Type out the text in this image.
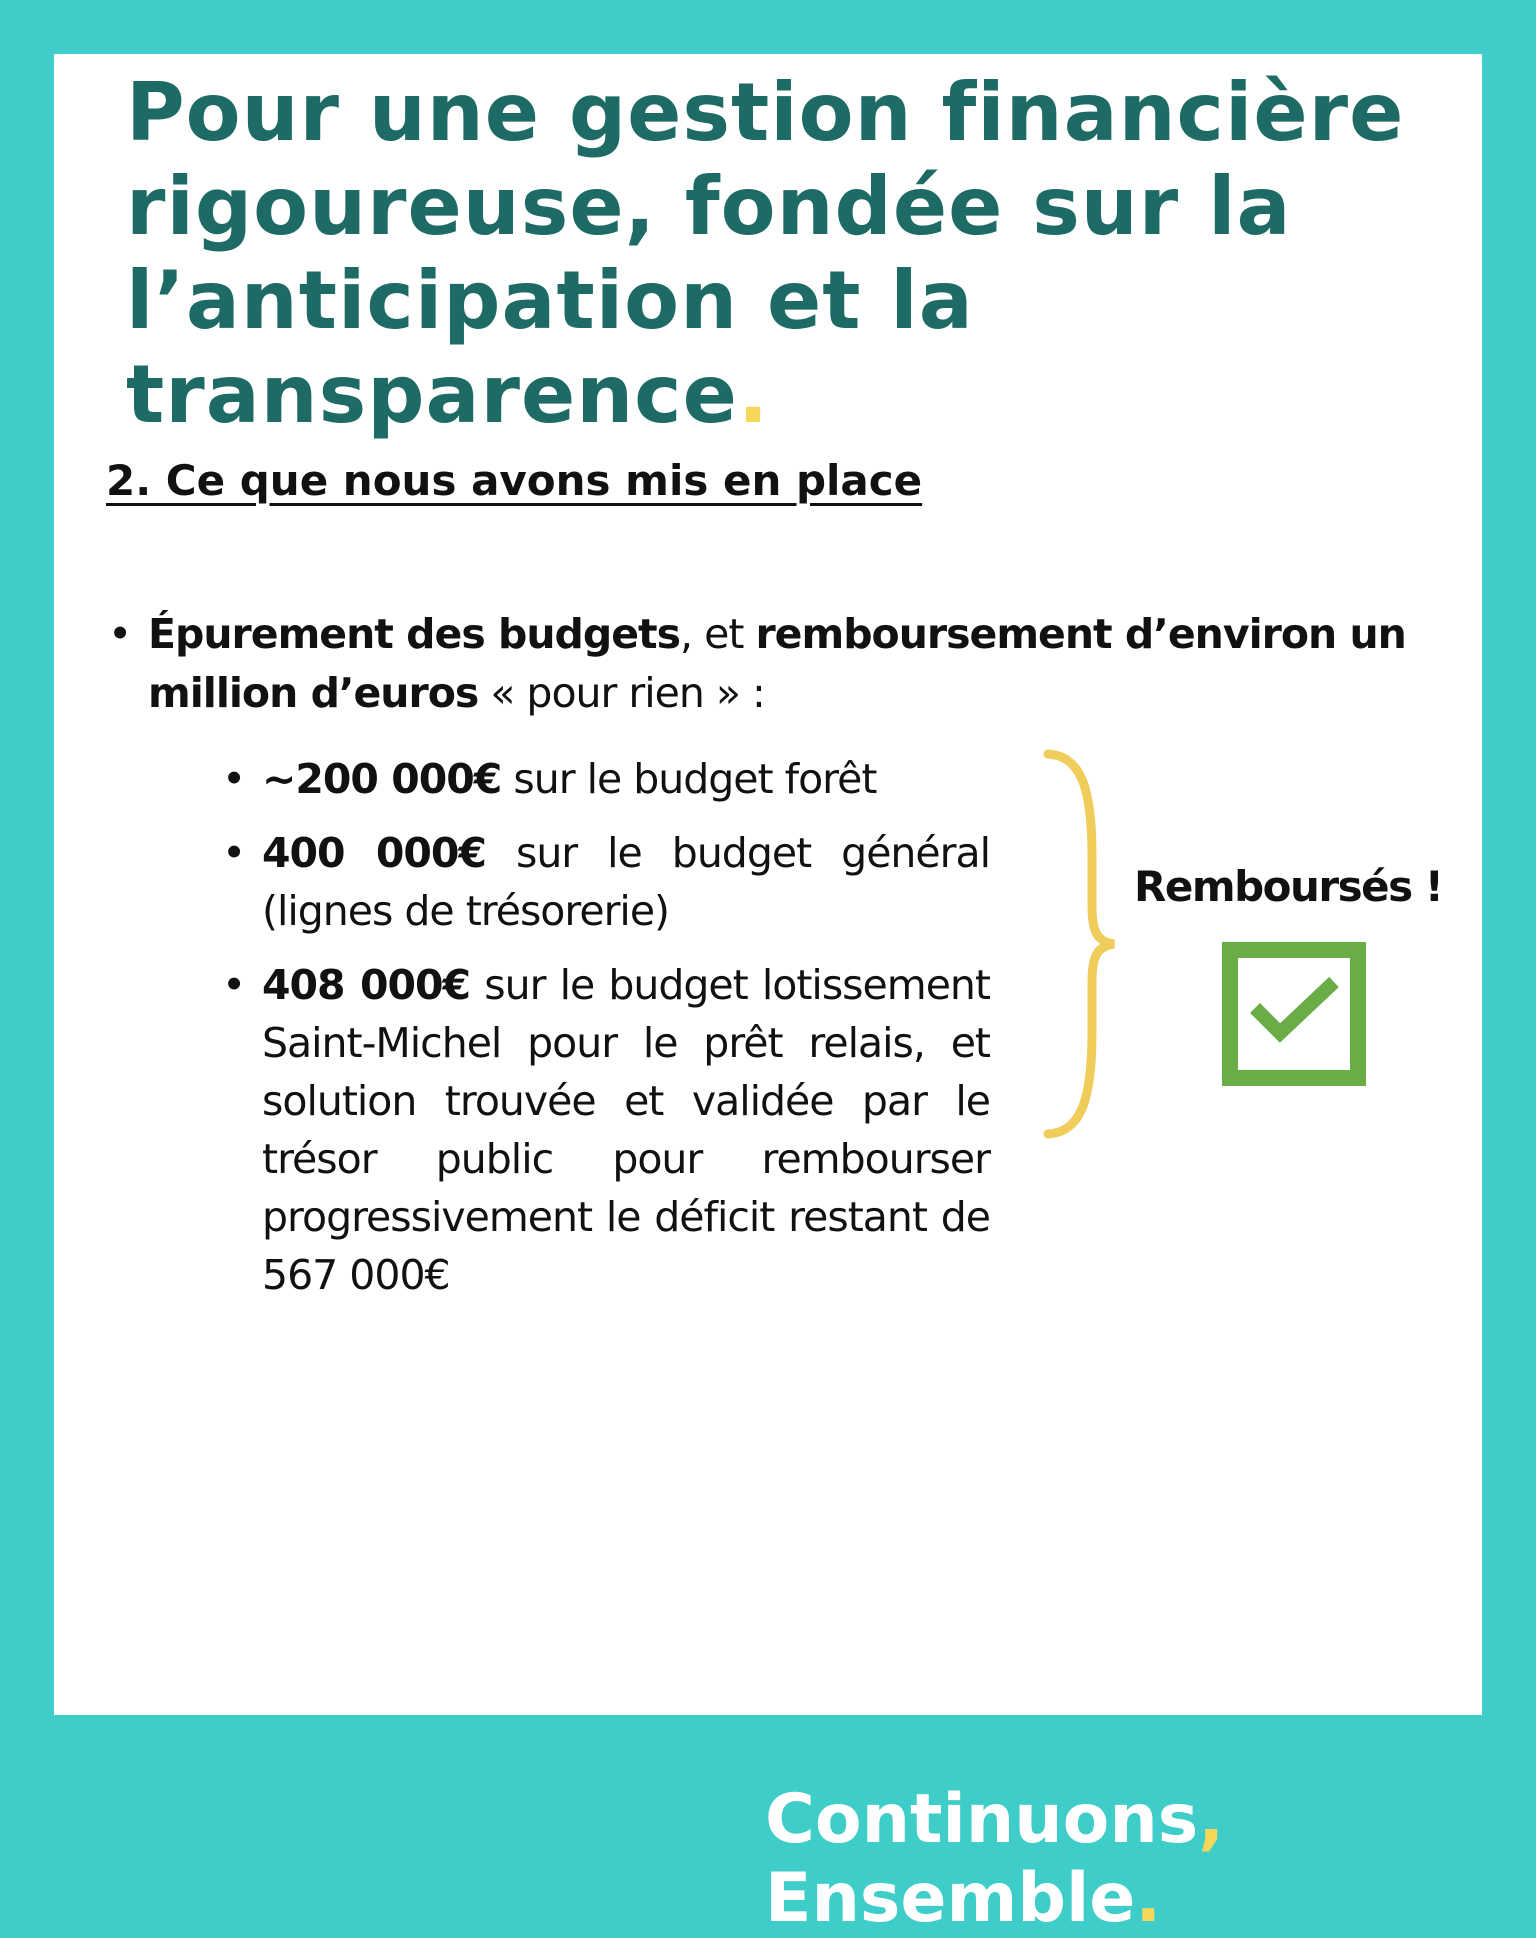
Pour une gestion financière rigoureuse, fondée sur la l’anticipation et la transparence.
2. Ce que nous avons mis en place
• Épurement des budgets, et remboursement d’environ un million d’euros « pour rien » :
• ~200 000€ sur le budget forêt
• 400 000€ sur le budget général (lignes de trésorerie)
• 408 000€ sur le budget lotissement Saint-Michel pour le prêt relais, et solution trouvée et validée par le trésor public pour rembourser progressivement le déficit restant de 567 000€
Remboursés !
Continuons, Ensemble.
